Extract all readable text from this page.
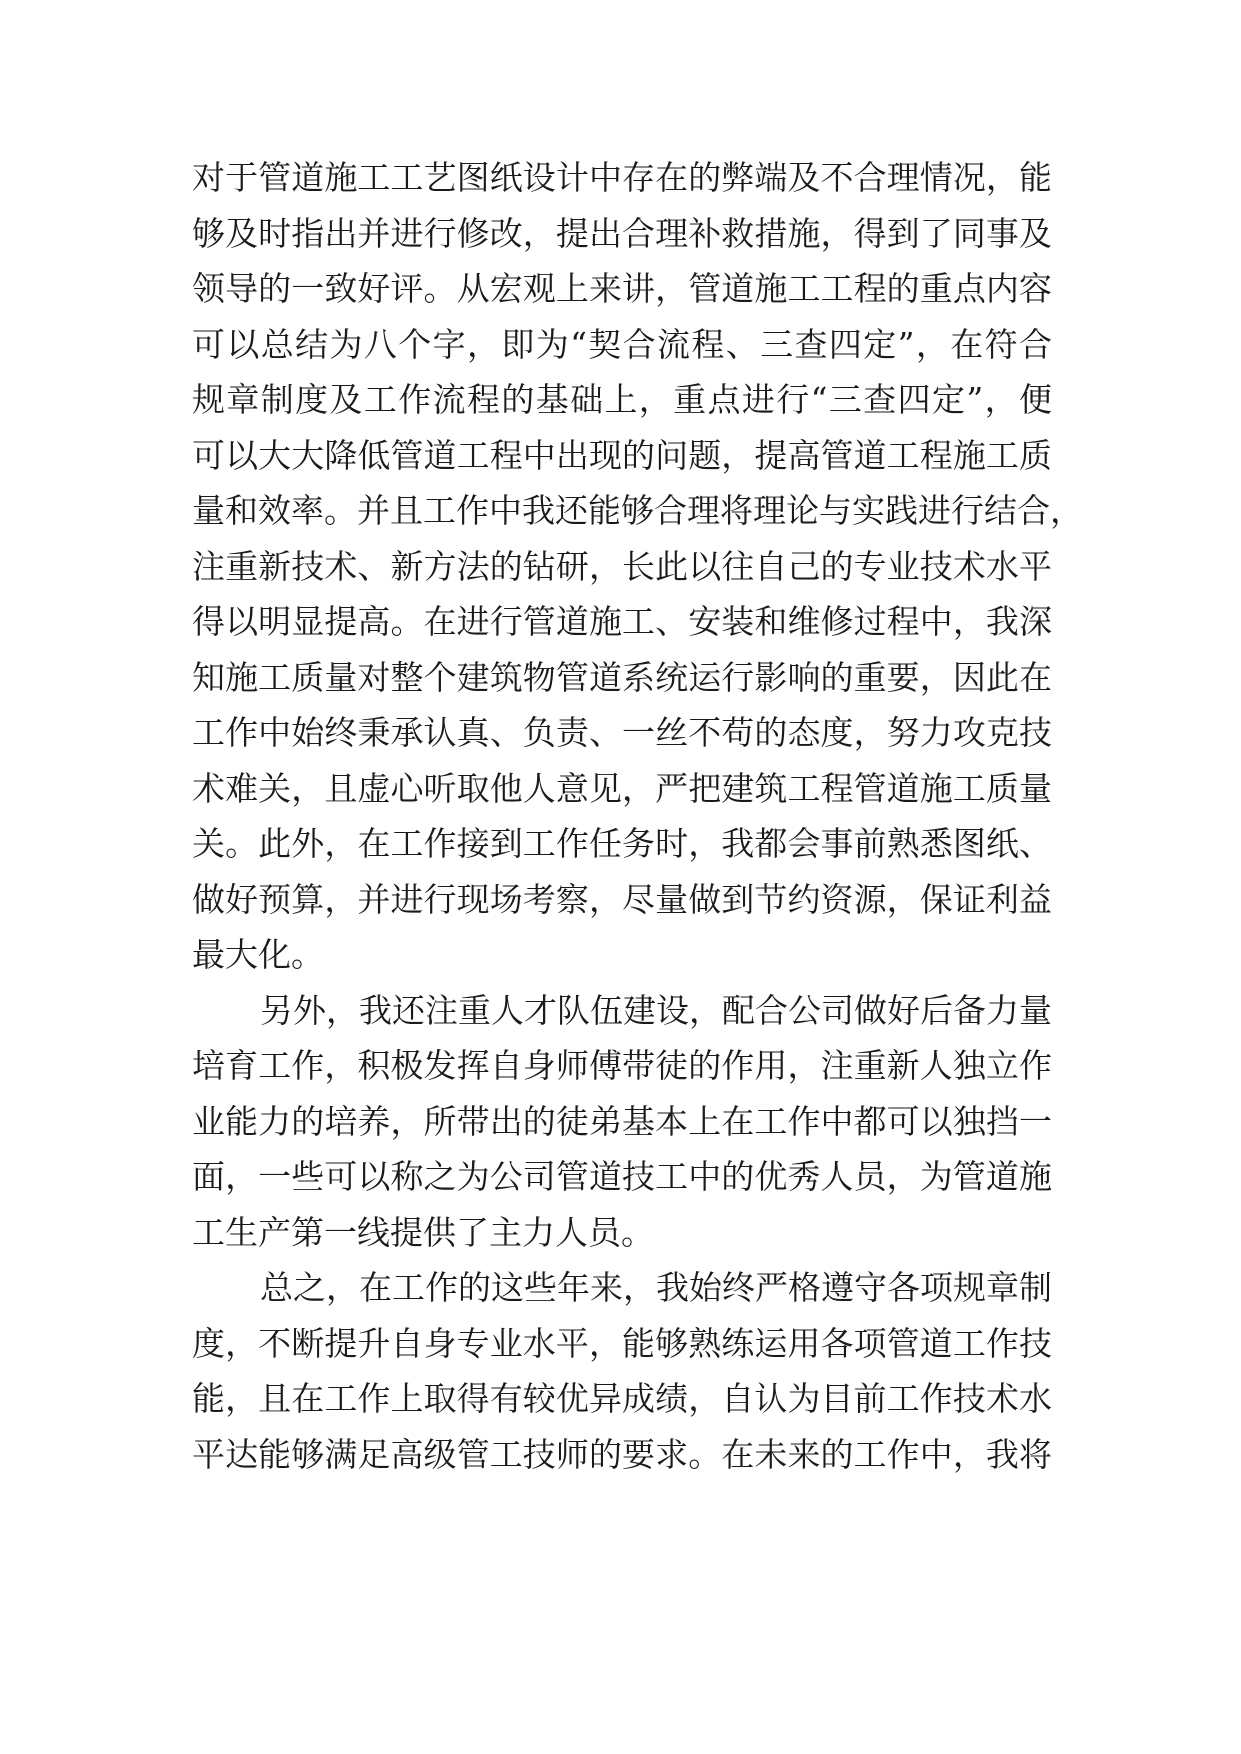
对于管道施工工艺图纸设计中存在的弊端及不合理情况，能
够及时指出并进行修改，提出合理补救措施，得到了同事及
领导的一致好评。从宏观上来讲，管道施工工程的重点内容
可以总结为八个字，即为“契合流程、三查四定”，在符合
规章制度及工作流程的基础上，重点进行“三查四定”，便
可以大大降低管道工程中出现的问题，提高管道工程施工质
量和效率。并且工作中我还能够合理将理论与实践进行结合，
注重新技术、新方法的钻研，长此以往自己的专业技术水平
得以明显提高。在进行管道施工、安装和维修过程中，我深
知施工质量对整个建筑物管道系统运行影响的重要，因此在
工作中始终秉承认真、负责、一丝不苟的态度，努力攻克技
术难关，且虚心听取他人意见，严把建筑工程管道施工质量
关。此外，在工作接到工作任务时，我都会事前熟悉图纸、
做好预算，并进行现场考察，尽量做到节约资源，保证利益
最大化。
另外，我还注重人才队伍建设，配合公司做好后备力量
培育工作，积极发挥自身师傅带徒的作用，注重新人独立作
业能力的培养，所带出的徒弟基本上在工作中都可以独挡一
面，一些可以称之为公司管道技工中的优秀人员，为管道施
工生产第一线提供了主力人员。
总之，在工作的这些年来，我始终严格遵守各项规章制
度，不断提升自身专业水平，能够熟练运用各项管道工作技
能，且在工作上取得有较优异成绩，自认为目前工作技术水
平达能够满足高级管工技师的要求。在未来的工作中，我将
